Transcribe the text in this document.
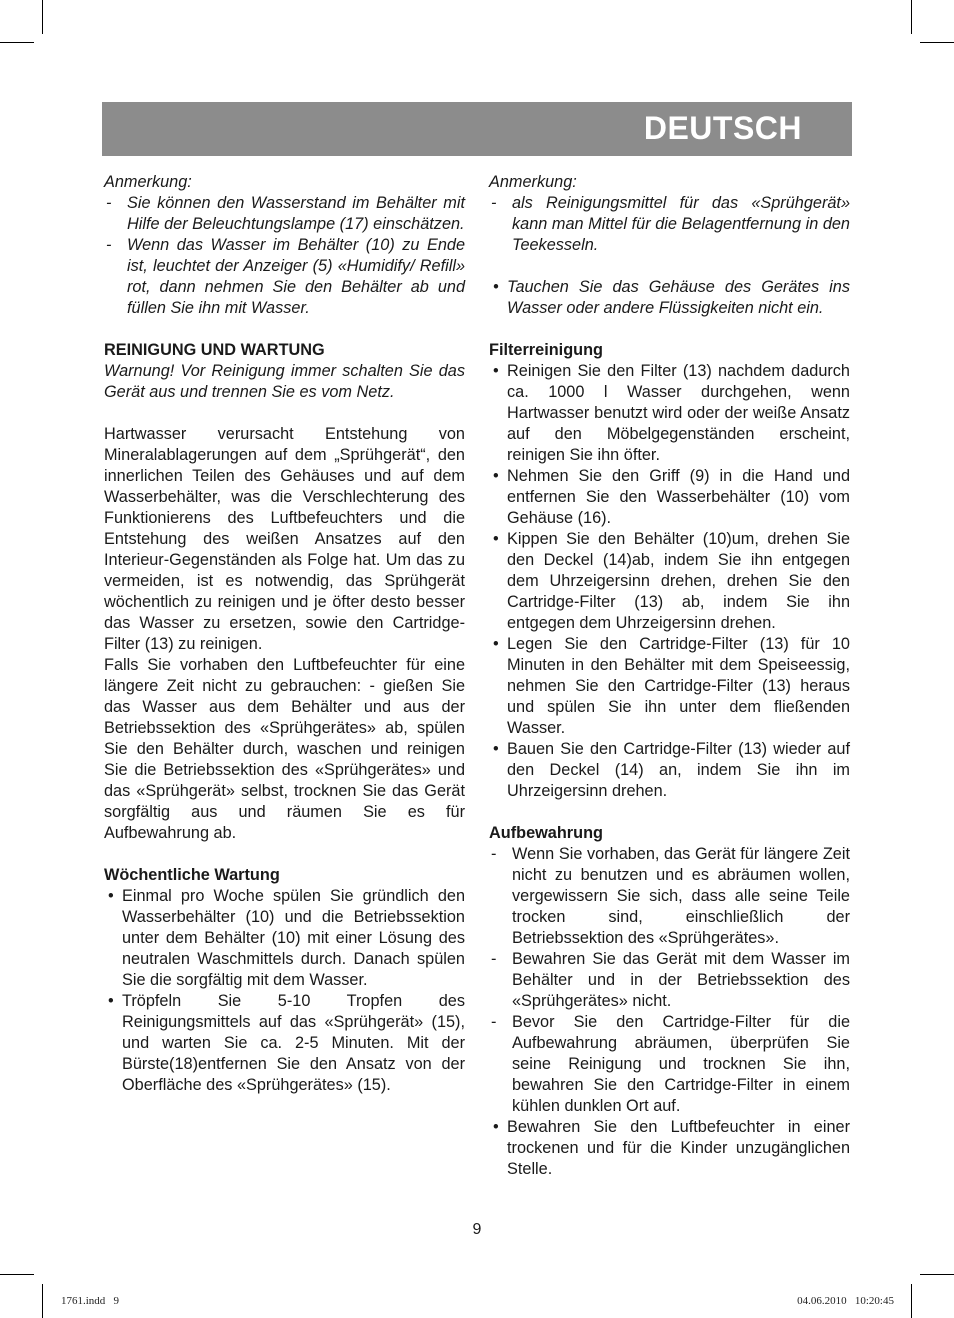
DEUTSCH
Anmerkung:
- Sie können den Wasserstand im Behälter mit Hilfe der Beleuchtungslampe (17) einschätzen.
- Wenn das Wasser im Behälter (10) zu Ende ist, leuchtet der Anzeiger (5) «Humidify/ Refill» rot, dann nehmen Sie den Behälter ab und füllen Sie ihn mit Wasser.
REINIGUNG UND WARTUNG
Warnung! Vor Reinigung immer schalten Sie das Gerät aus und trennen Sie es vom Netz.
Hartwasser verursacht Entstehung von Mineralablagerungen auf dem „Sprühgerät“, den innerlichen Teilen des Gehäuses und auf dem Wasserbehälter, was die Verschlechterung des Funktionierens des Luftbefeuchters und die Entstehung des weißen Ansatzes auf den Interieur-Gegenständen als Folge hat. Um das zu vermeiden, ist es notwendig, das Sprühgerät wöchentlich zu reinigen und je öfter desto besser das Wasser zu ersetzen, sowie den Cartridge-Filter (13) zu reinigen.
Falls Sie vorhaben den Luftbefeuchter für eine längere Zeit nicht zu gebrauchen: - gießen Sie das Wasser aus dem Behälter und aus der Betriebssektion des «Sprühgerätes» ab, spülen Sie den Behälter durch, waschen und reinigen Sie die Betriebssektion des «Sprühgerätes» und das «Sprühgerät» selbst, trocknen Sie das Gerät sorgfältig aus und räumen Sie es für Aufbewahrung ab.
Wöchentliche Wartung
• Einmal pro Woche spülen Sie gründlich den Wasserbehälter (10) und die Betriebssektion unter dem Behälter (10) mit einer Lösung des neutralen Waschmittels durch. Danach spülen Sie die sorgfältig mit dem Wasser.
• Tröpfeln Sie 5-10 Tropfen des Reinigungsmittels auf das «Sprühgerät» (15), und warten Sie ca. 2-5 Minuten. Mit der Bürste(18)entfernen Sie den Ansatz von der Oberfläche des «Sprühgerätes» (15).
Anmerkung:
- als Reinigungsmittel für das «Sprühgerät» kann man Mittel für die Belagentfernung in den Teekesseln.
• Tauchen Sie das Gehäuse des Gerätes ins Wasser oder andere Flüssigkeiten nicht ein.
Filterreinigung
• Reinigen Sie den Filter (13) nachdem dadurch ca. 1000 l Wasser durchgehen, wenn Hartwasser benutzt wird oder der weiße Ansatz auf den Möbelgegenständen erscheint, reinigen Sie ihn öfter.
• Nehmen Sie den Griff (9) in die Hand und entfernen Sie den Wasserbehälter (10) vom Gehäuse (16).
• Kippen Sie den Behälter (10)um, drehen Sie den Deckel (14)ab, indem Sie ihn entgegen dem Uhrzeigersinn drehen, drehen Sie den Cartridge-Filter (13) ab, indem Sie ihn entgegen dem Uhrzeigersinn drehen.
• Legen Sie den Cartridge-Filter (13) für 10 Minuten in den Behälter mit dem Speiseessig, nehmen Sie den Cartridge-Filter (13) heraus und spülen Sie ihn unter dem fließenden Wasser.
• Bauen Sie den Cartridge-Filter (13) wieder auf den Deckel (14) an, indem Sie ihn im Uhrzeigersinn drehen.
Aufbewahrung
- Wenn Sie vorhaben, das Gerät für längere Zeit nicht zu benutzen und es abräumen wollen, vergewissern Sie sich, dass alle seine Teile trocken sind, einschließlich der Betriebssektion des «Sprühgerätes».
- Bewahren Sie das Gerät mit dem Wasser im Behälter und in der Betriebssektion des «Sprühgerätes» nicht.
- Bevor Sie den Cartridge-Filter für die Aufbewahrung abräumen, überprüfen Sie seine Reinigung und trocknen Sie ihn, bewahren Sie den Cartridge-Filter in einem kühlen dunklen Ort auf.
• Bewahren Sie den Luftbefeuchter in einer trockenen und für die Kinder unzugänglichen Stelle.
9
1761.indd   9	04.06.2010   10:20:45
